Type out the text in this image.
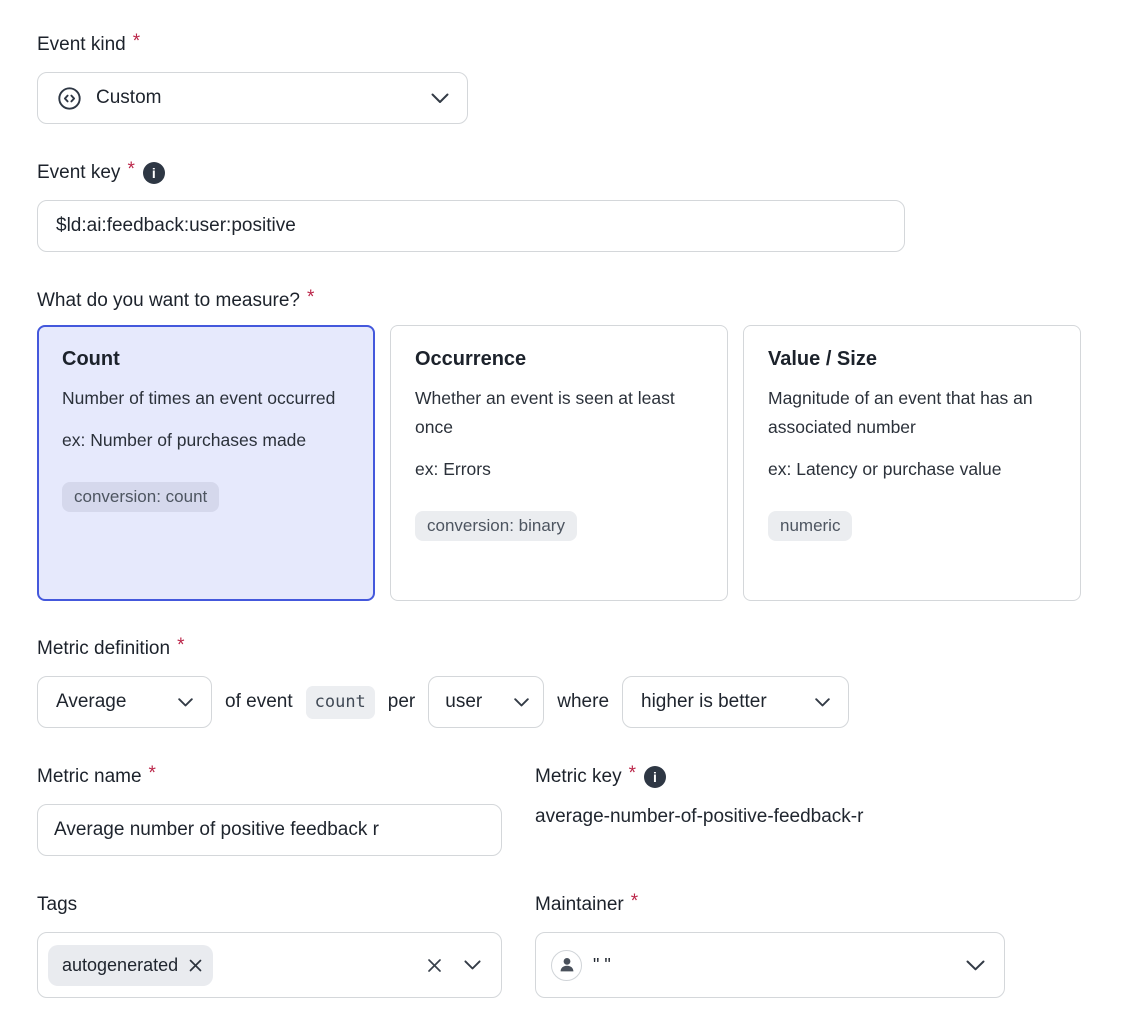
Event kind *
Custom
Event key *	i
$ld:ai:feedback:user:positive
What do you want to measure? *
Count
Number of times an event occurred
ex: Number of purchases made
conversion: count
Occurrence
Whether an event is seen at least once
ex: Errors
conversion: binary
Value / Size
Magnitude of an event that has an associated number
ex: Latency or purchase value
numeric
Metric definition *
Average	of event	count	per user	where higher is better
Metric name *
Average number of positive feedback r	Metric key *	i
average-number-of-positive-feedback-r
Tags
autogenerated
Maintainer *
" "
